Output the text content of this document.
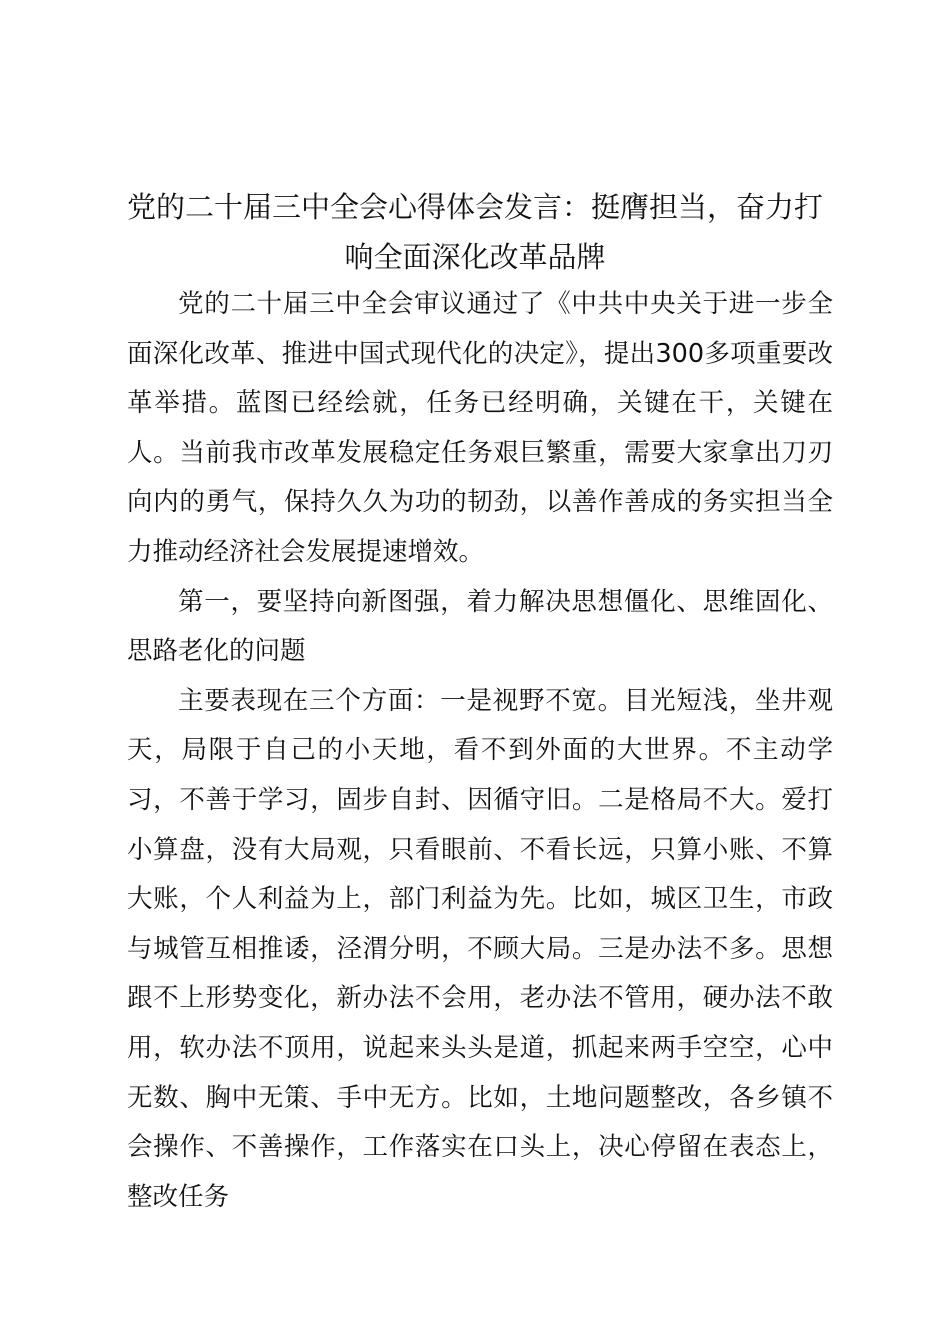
党的二十届三中全会心得体会发言：挺膺担当，奋力打响全面深化改革品牌

党的二十届三中全会审议通过了《中共中央关于进一步全面深化改革、推进中国式现代化的决定》，提出300多项重要改革举措。蓝图已经绘就，任务已经明确，关键在干，关键在人。当前我市改革发展稳定任务艰巨繁重，需要大家拿出刀刃向内的勇气，保持久久为功的韧劲，以善作善成的务实担当全力推动经济社会发展提速增效。

第一，要坚持向新图强，着力解决思想僵化、思维固化、思路老化的问题

主要表现在三个方面：一是视野不宽。目光短浅，坐井观天，局限于自己的小天地，看不到外面的大世界。不主动学习，不善于学习，固步自封、因循守旧。二是格局不大。爱打小算盘，没有大局观，只看眼前、不看长远，只算小账、不算大账，个人利益为上，部门利益为先。比如，城区卫生，市政与城管互相推诿，泾渭分明，不顾大局。三是办法不多。思想跟不上形势变化，新办法不会用，老办法不管用，硬办法不敢用，软办法不顶用，说起来头头是道，抓起来两手空空，心中无数、胸中无策、手中无方。比如，土地问题整改，各乡镇不会操作、不善操作，工作落实在口头上，决心停留在表态上，整改任务
